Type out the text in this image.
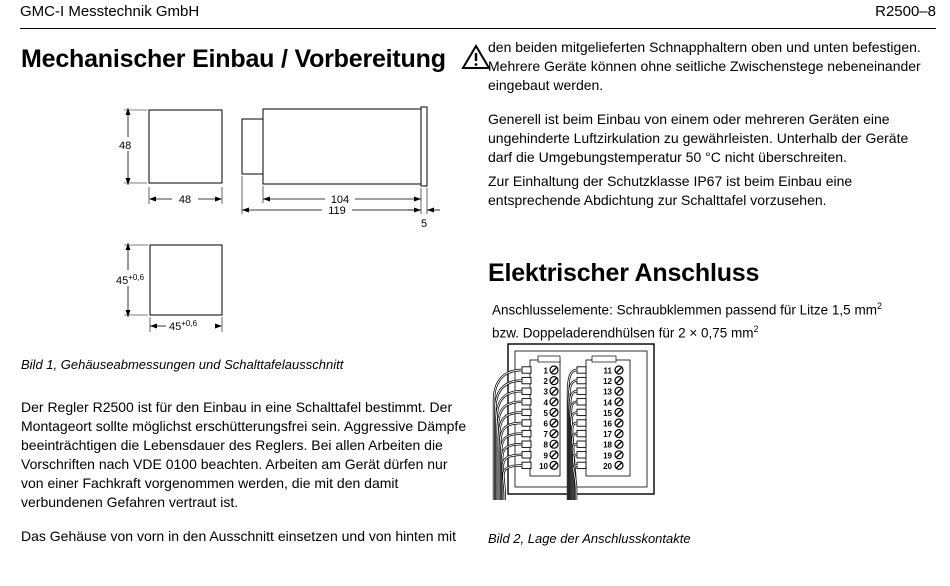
GMC-I Messtechnik GmbH	R2500–8
Mechanischer Einbau / Vorbereitung
48
48	104
119
5
$45^{+0,6}$
$45^{+0,6}$
Bild 1, Gehäuseabmessungen und Schalttafelausschnitt
Der Regler R2500 ist für den Einbau in eine Schalttafel bestimmt. Der Montageort sollte möglichst erschütterungsfrei sein. Aggressive Dämpfe beeinträchtigen die Lebensdauer des Reglers. Bei allen Arbeiten die Vorschriften nach VDE 0100 beachten. Arbeiten am Gerät dürfen nur von einer Fachkraft vorgenommen werden, die mit den damit verbundenen Gefahren vertraut ist.
Das Gehäuse von vorn in den Ausschnitt einsetzen und von hinten mit
den beiden mitgelieferten Schnapphaltern oben und unten befestigen. Mehrere Geräte können ohne seitliche Zwischenstege nebeneinander eingebaut werden.
Generell ist beim Einbau von einem oder mehreren Geräten eine ungehinderte Luftzirkulation zu gewährleisten. Unterhalb der Geräte darf die Umgebungstemperatur 50 °C nicht überschreiten.
Zur Einhaltung der Schutzklasse IP67 ist beim Einbau eine entsprechende Abdichtung zur Schalttafel vorzusehen.
Elektrischer Anschluss
Anschlusselemente: Schraubklemmen passend für Litze 1,5 $mm^2$
bzw. Doppeladerendhülsen für 2 × 0,75 $mm^2$
1
2
3
4
5
6
7
8
9
10
11
12
13
14
15
16
17
18
19
20
Bild 2, Lage der Anschlusskontakte
